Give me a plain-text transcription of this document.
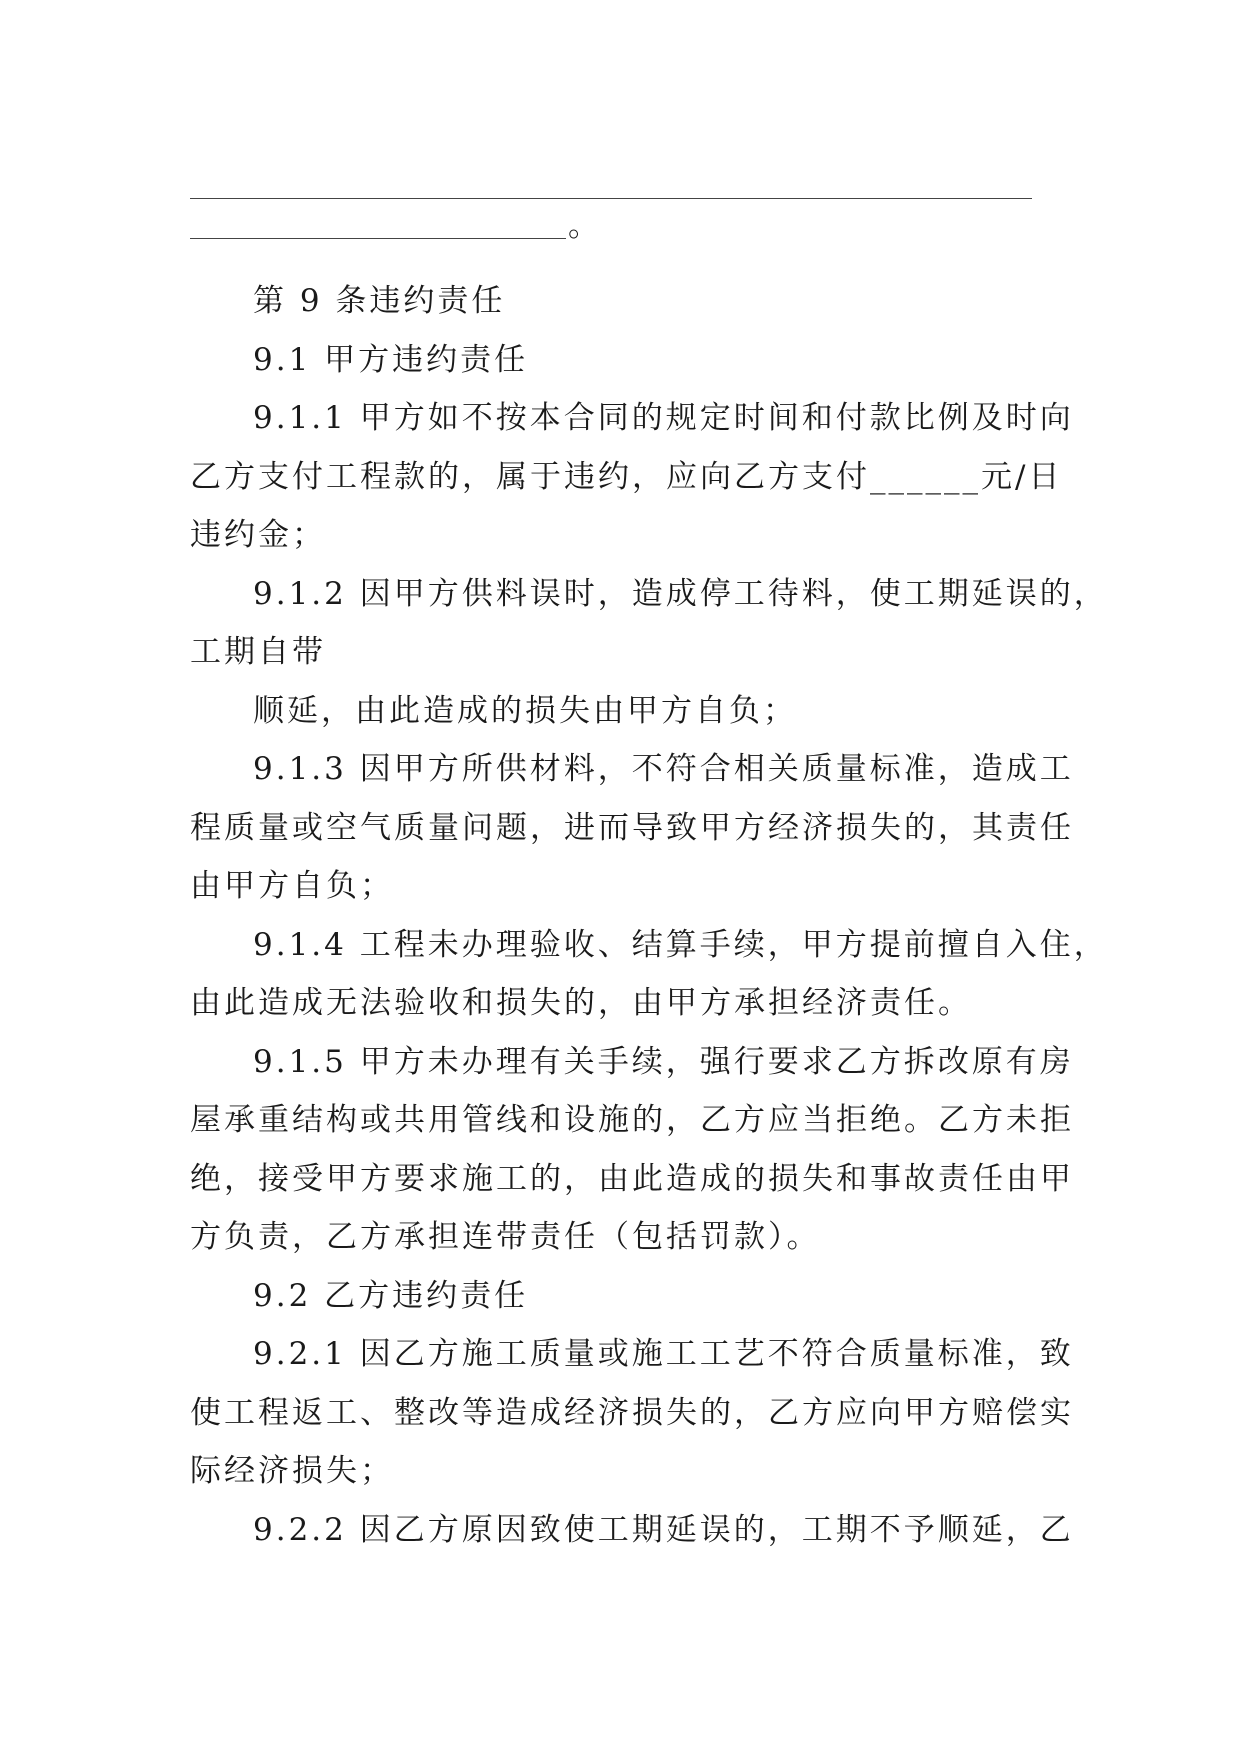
。
第 9 条违约责任
9.1 甲方违约责任
9.1.1 甲方如不按本合同的规定时间和付款比例及时向
乙方支付工程款的，属于违约，应向乙方支付______元/日
违约金；
9.1.2 因甲方供料误时，造成停工待料，使工期延误的，
工期自带
顺延，由此造成的损失由甲方自负；
9.1.3 因甲方所供材料，不符合相关质量标准，造成工
程质量或空气质量问题，进而导致甲方经济损失的，其责任
由甲方自负；
9.1.4 工程未办理验收、结算手续，甲方提前擅自入住，
由此造成无法验收和损失的，由甲方承担经济责任。
9.1.5 甲方未办理有关手续，强行要求乙方拆改原有房
屋承重结构或共用管线和设施的，乙方应当拒绝。乙方未拒
绝，接受甲方要求施工的，由此造成的损失和事故责任由甲
方负责，乙方承担连带责任（包括罚款）。
9.2 乙方违约责任
9.2.1 因乙方施工质量或施工工艺不符合质量标准，致
使工程返工、整改等造成经济损失的，乙方应向甲方赔偿实
际经济损失；
9.2.2 因乙方原因致使工期延误的，工期不予顺延，乙
